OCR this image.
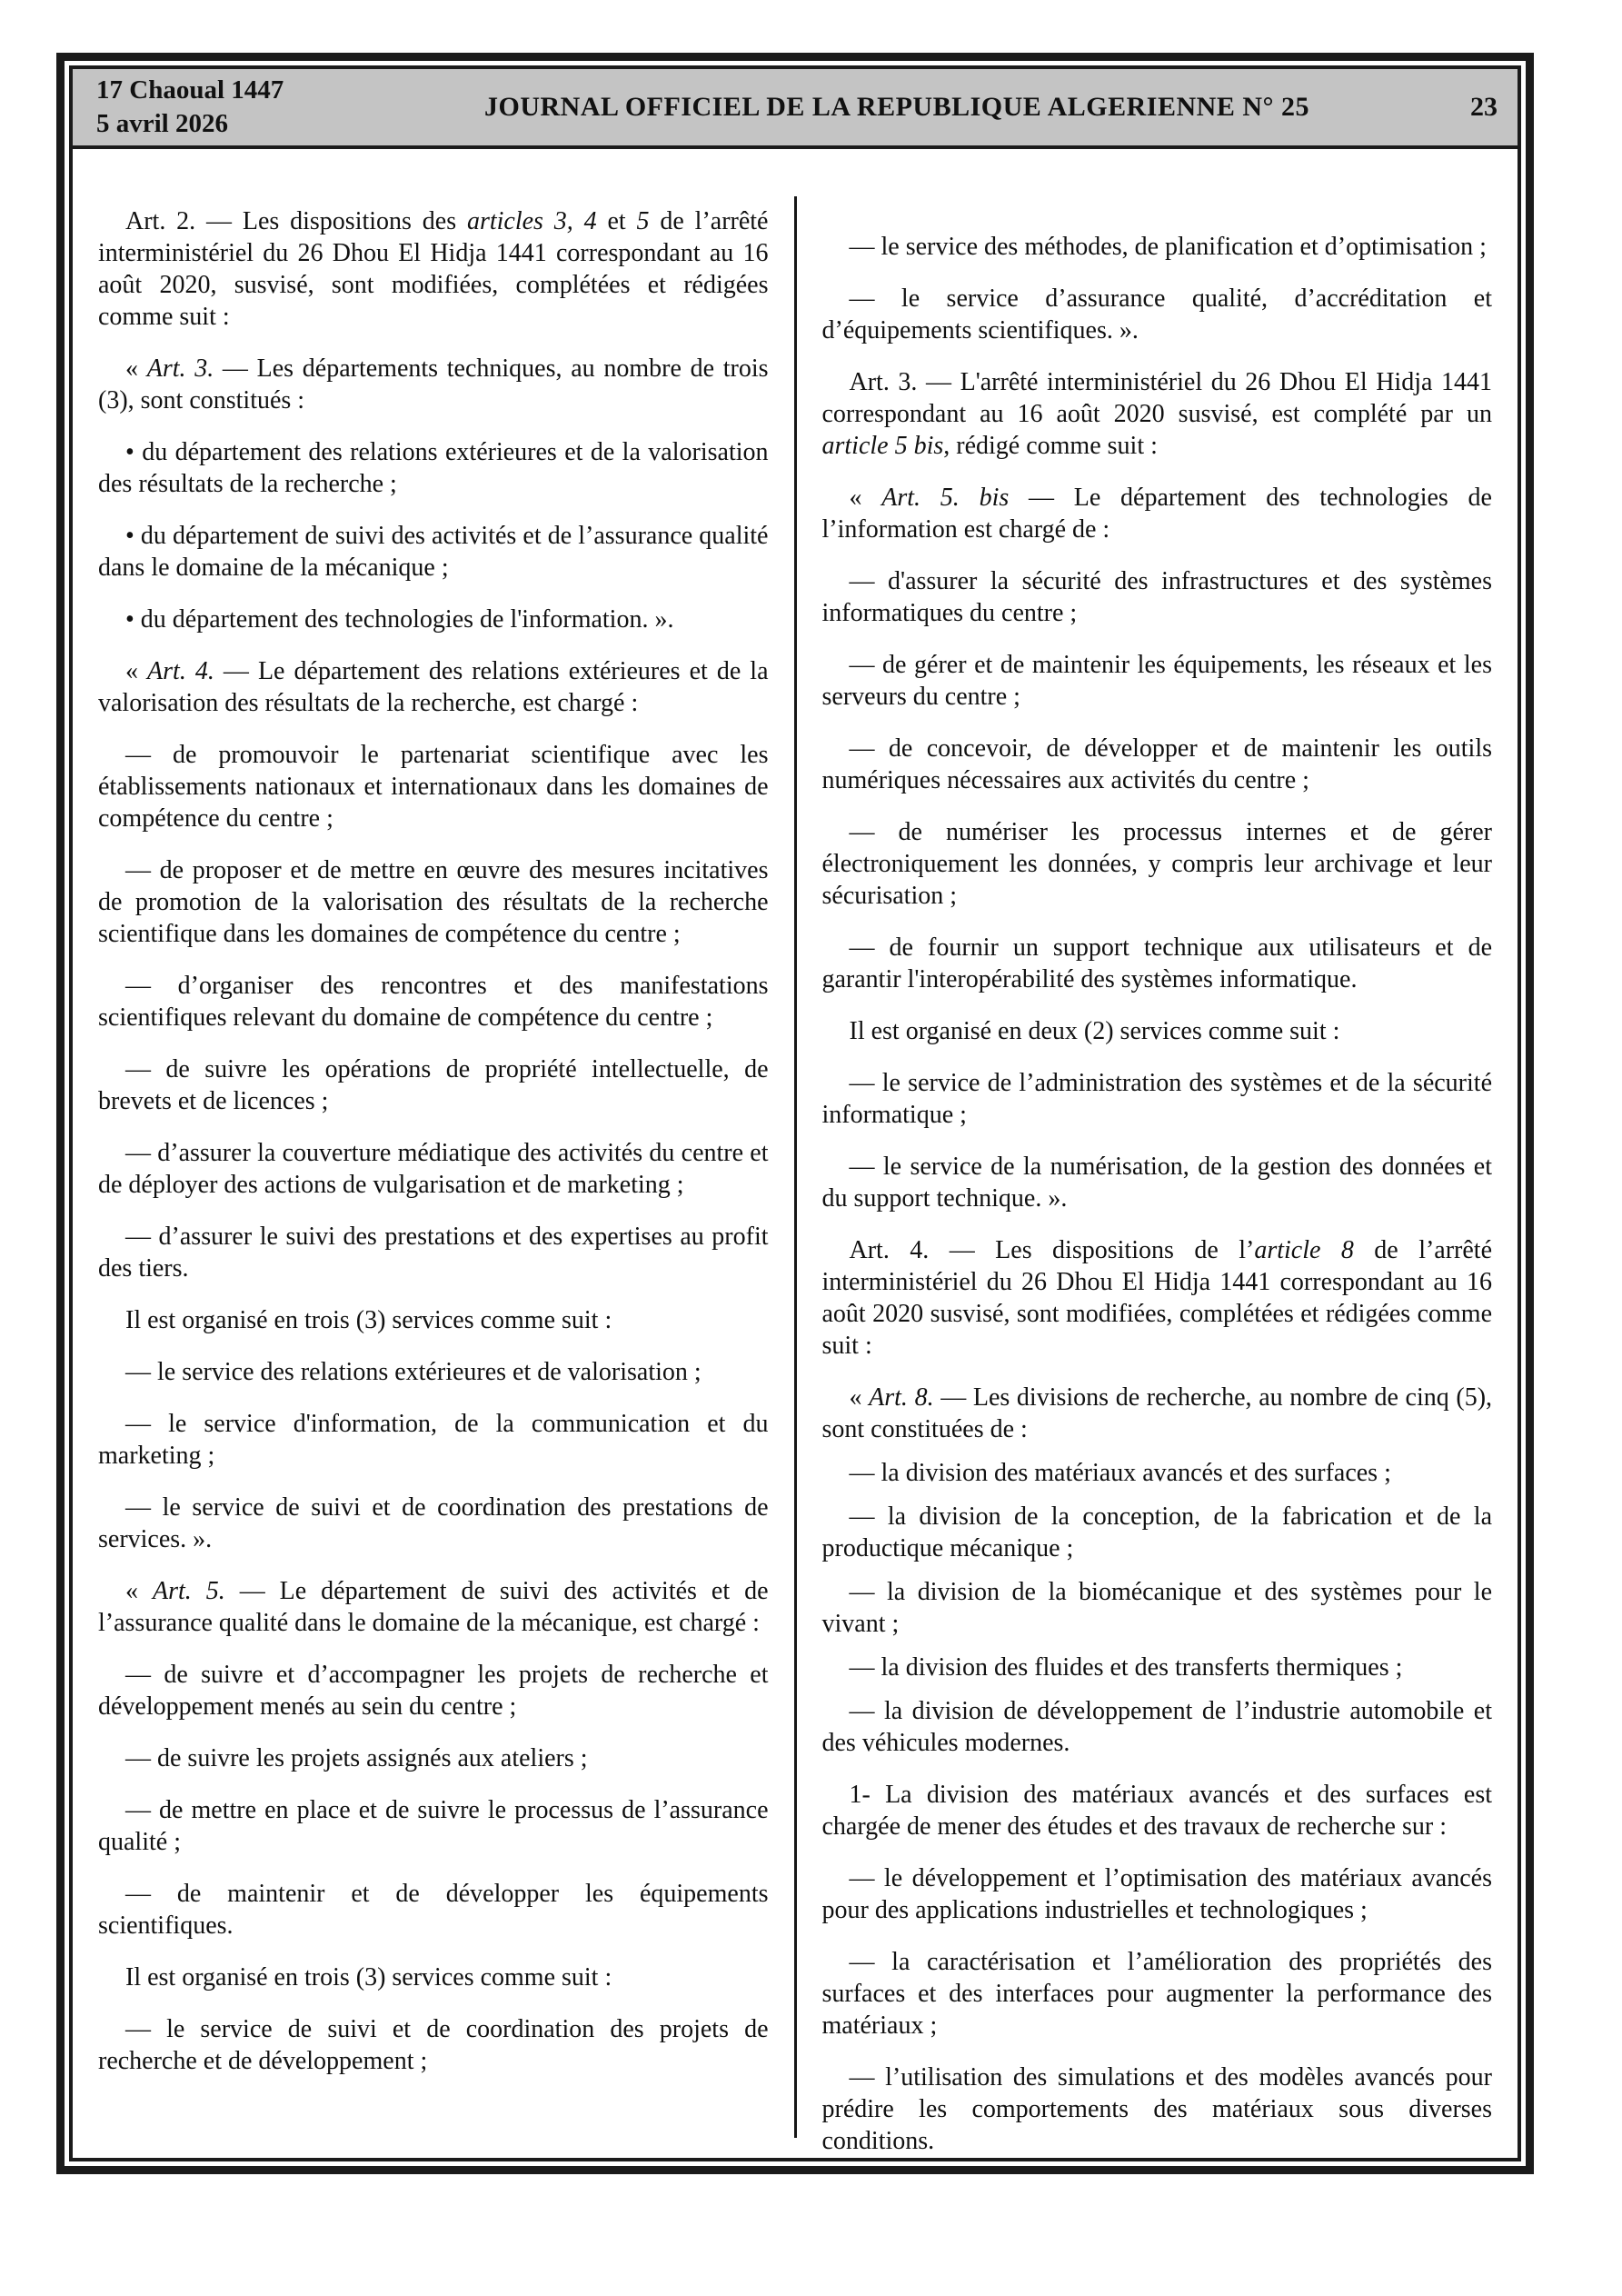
17 Chaoual 1447
5 avril 2026
JOURNAL OFFICIEL DE LA REPUBLIQUE ALGERIENNE N° 25	23

Art. 2. — Les dispositions des articles 3, 4 et 5 de l’arrêté interministériel du 26 Dhou El Hidja 1441 correspondant au 16 août 2020, susvisé, sont modifiées, complétées et rédigées comme suit :

« Art. 3. — Les départements techniques, au nombre de trois (3), sont constitués :

• du département des relations extérieures et de la valorisation des résultats de la recherche ;

• du département de suivi des activités et de l’assurance qualité dans le domaine de la mécanique ;

• du département des technologies de l'information. ».

« Art. 4. — Le département des relations extérieures et de la valorisation des résultats de la recherche, est chargé :

— de promouvoir le partenariat scientifique avec les établissements nationaux et internationaux dans les domaines de compétence du centre ;

— de proposer et de mettre en œuvre des mesures incitatives de promotion de la valorisation des résultats de la recherche scientifique dans les domaines de compétence du centre ;

— d’organiser des rencontres et des manifestations scientifiques relevant du domaine de compétence du centre ;

— de suivre les opérations de propriété intellectuelle, de brevets et de licences ;

— d’assurer la couverture médiatique des activités du centre et de déployer des actions de vulgarisation et de marketing ;

— d’assurer le suivi des prestations et des expertises au profit des tiers.

Il est organisé en trois (3) services comme suit :

— le service des relations extérieures et de valorisation ;

— le service d'information, de la communication et du marketing ;

— le service de suivi et de coordination des prestations de services. ».

« Art. 5. — Le département de suivi des activités et de l’assurance qualité dans le domaine de la mécanique, est chargé :

— de suivre et d’accompagner les projets de recherche et développement menés au sein du centre ;

— de suivre les projets assignés aux ateliers ;

— de mettre en place et de suivre le processus de l’assurance qualité ;

— de maintenir et de développer les équipements scientifiques.

Il est organisé en trois (3) services comme suit :

— le service de suivi et de coordination des projets de recherche et de développement ;

— le service des méthodes, de planification et d’optimisation ;

— le service d’assurance qualité, d’accréditation et d’équipements scientifiques. ».

Art. 3. — L'arrêté interministériel du 26 Dhou El Hidja 1441 correspondant au 16 août 2020 susvisé, est complété par un article 5 bis, rédigé comme suit :

« Art. 5. bis — Le département des technologies de l’information est chargé de :

— d'assurer la sécurité des infrastructures et des systèmes informatiques du centre ;

— de gérer et de maintenir les équipements, les réseaux et les serveurs du centre ;

— de concevoir, de développer et de maintenir les outils numériques nécessaires aux activités du centre ;

— de numériser les processus internes et de gérer électroniquement les données, y compris leur archivage et leur sécurisation ;

— de fournir un support technique aux utilisateurs et de garantir l'interopérabilité des systèmes informatique.

Il est organisé en deux (2) services comme suit :

— le service de l’administration des systèmes et de la sécurité informatique ;

— le service de la numérisation, de la gestion des données et du support technique. ».

Art. 4. — Les dispositions de l’article 8 de l’arrêté interministériel du 26 Dhou El Hidja 1441 correspondant au 16 août 2020 susvisé, sont modifiées, complétées et rédigées comme suit :

« Art. 8. — Les divisions de recherche, au nombre de cinq (5), sont constituées de :

— la division des matériaux avancés et des surfaces ;

— la division de la conception, de la fabrication et de la productique mécanique ;

— la division de la biomécanique et des systèmes pour le vivant ;

— la division des fluides et des transferts thermiques ;

— la division de développement de l’industrie automobile et des véhicules modernes.

1- La division des matériaux avancés et des surfaces est chargée de mener des études et des travaux de recherche sur :

— le développement et l’optimisation des matériaux avancés pour des applications industrielles et technologiques ;

— la caractérisation et l’amélioration des propriétés des surfaces et des interfaces pour augmenter la performance des matériaux ;

— l’utilisation des simulations et des modèles avancés pour prédire les comportements des matériaux sous diverses conditions.
